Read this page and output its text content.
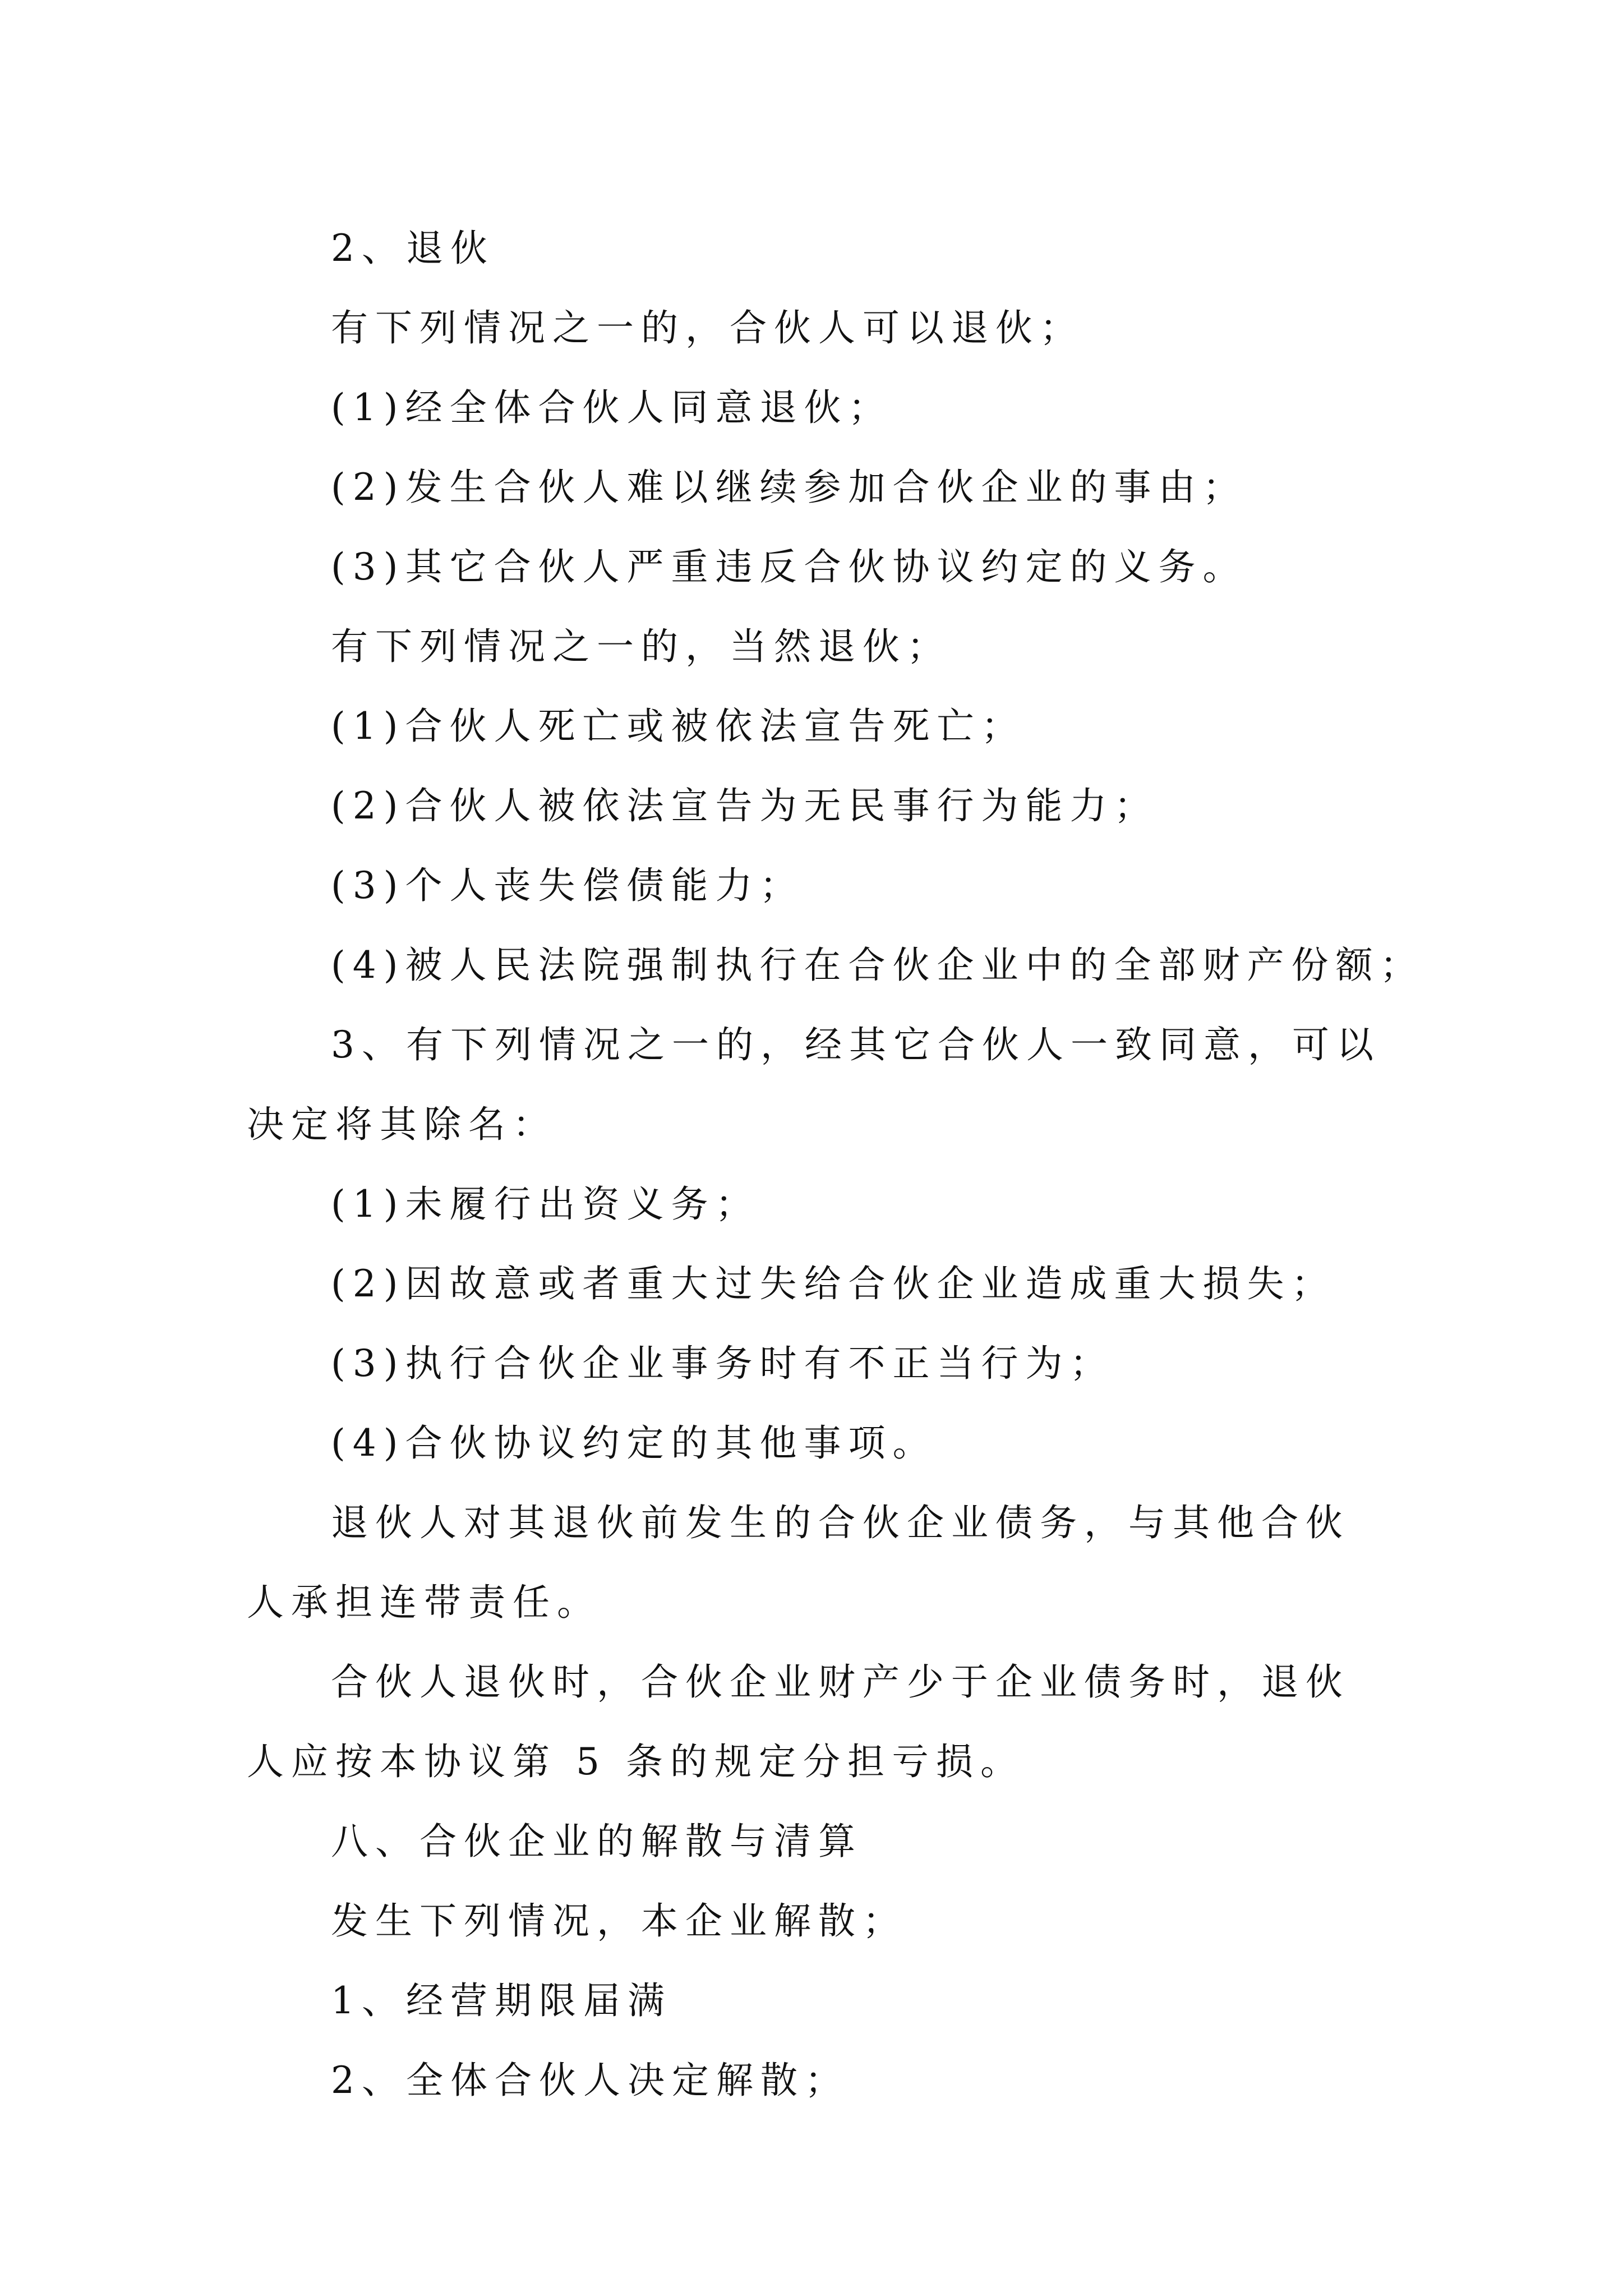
2、退伙

有下列情况之一的，合伙人可以退伙；

(1)经全体合伙人同意退伙；

(2)发生合伙人难以继续参加合伙企业的事由；

(3)其它合伙人严重违反合伙协议约定的义务。

有下列情况之一的，当然退伙；

(1)合伙人死亡或被依法宣告死亡；

(2)合伙人被依法宣告为无民事行为能力；

(3)个人丧失偿债能力；

(4)被人民法院强制执行在合伙企业中的全部财产份额；

3、有下列情况之一的，经其它合伙人一致同意，可以决定将其除名：

(1)未履行出资义务；

(2)因故意或者重大过失给合伙企业造成重大损失；

(3)执行合伙企业事务时有不正当行为；

(4)合伙协议约定的其他事项。

退伙人对其退伙前发生的合伙企业债务，与其他合伙人承担连带责任。

合伙人退伙时，合伙企业财产少于企业债务时，退伙人应按本协议第 5 条的规定分担亏损。

八、合伙企业的解散与清算

发生下列情况，本企业解散；

1、经营期限届满

2、全体合伙人决定解散；
